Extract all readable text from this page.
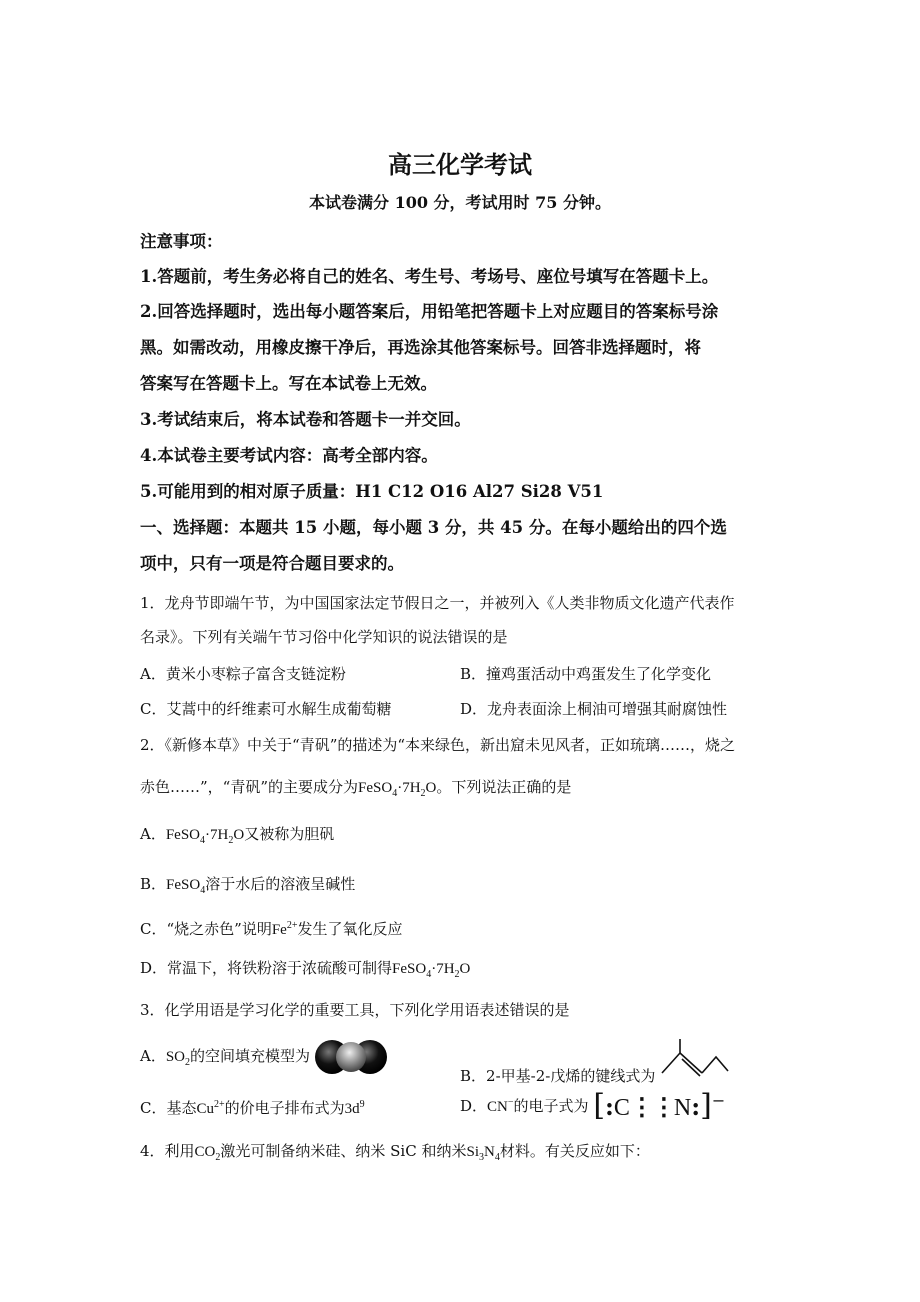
高三化学考试
本试卷满分 100 分，考试用时 75 分钟。
注意事项：
1.答题前，考生务必将自己的姓名、考生号、考场号、座位号填写在答题卡上。
2.回答选择题时，选出每小题答案后，用铅笔把答题卡上对应题目的答案标号涂
黑。如需改动，用橡皮擦干净后，再选涂其他答案标号。回答非选择题时，将
答案写在答题卡上。写在本试卷上无效。
3.考试结束后，将本试卷和答题卡一并交回。
4.本试卷主要考试内容：高考全部内容。
5.可能用到的相对原子质量：H1 C12 O16 Al27 Si28 V51
一、选择题：本题共 15 小题，每小题 3 分，共 45 分。在每小题给出的四个选
项中，只有一项是符合题目要求的。
1．龙舟节即端午节，为中国国家法定节假日之一，并被列入《人类非物质文化遗产代表作
名录》。下列有关端午节习俗中化学知识的说法错误的是
A．黄米小枣粽子富含支链淀粉	B．撞鸡蛋活动中鸡蛋发生了化学变化
C．艾蒿中的纤维素可水解生成葡萄糖	D．龙舟表面涂上桐油可增强其耐腐蚀性
2．《新修本草》中关于“青矾”的描述为“本来绿色，新出窟未见风者，正如琉璃……，烧之
赤色……”，“青矾”的主要成分为$FeSO_4\cdot 7H_2O$。下列说法正确的是
A．$FeSO_4\cdot 7H_2O$又被称为胆矾
B．FeSO$_4$溶于水后的溶液呈碱性
C．“烧之赤色”说明$Fe^{2+}$发生了氧化反应
D．常温下，将铁粉溶于浓硫酸可制得$FeSO_4\cdot 7H_2O$
3．化学用语是学习化学的重要工具，下列化学用语表述错误的是
A．$SO_2$的空间填充模型为
B．2-甲基-2-戊烯的键线式为
C．基态$Cu^{2+}$的价电子排布式为$3d^9$	D．CN−的电子式为 [:C⋮⋮N:]−
4．利用$CO_2$激光可制备纳米硅、纳米 SiC 和纳米$Si_3N_4$材料。有关反应如下：
